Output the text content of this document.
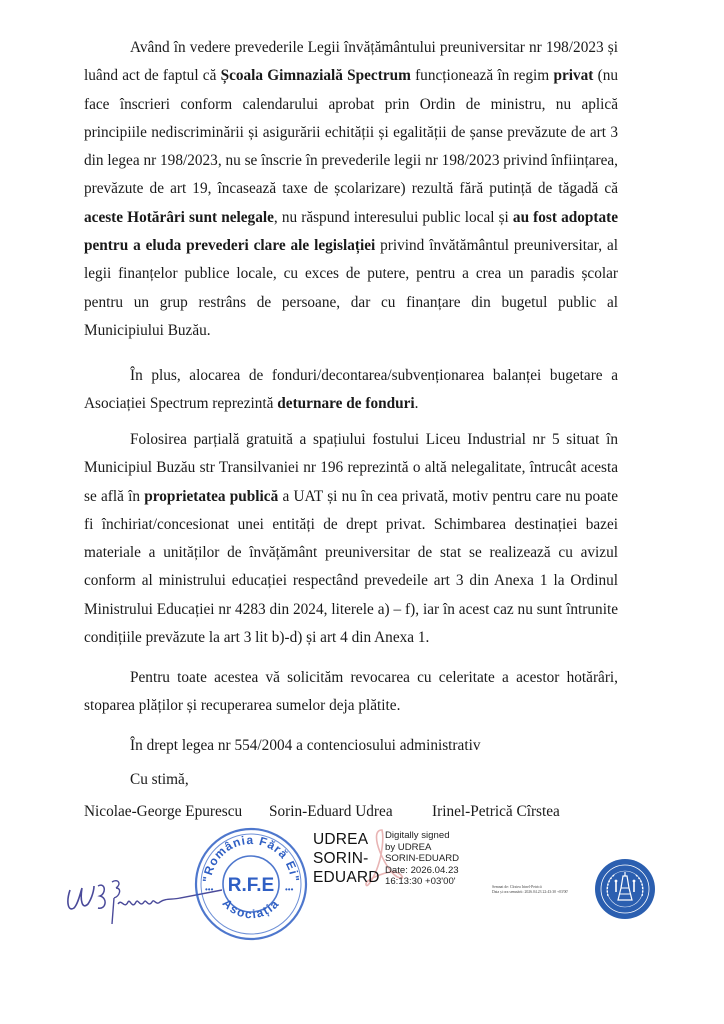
Având în vedere prevederile Legii învățământului preuniversitar nr 198/2023 și luând act de faptul că Școala Gimnazială Spectrum funcționează în regim privat (nu face înscrieri conform calendarului aprobat prin Ordin de ministru, nu aplică principiile nediscriminării și asigurării echității și egalității de șanse prevăzute de art 3 din legea nr 198/2023, nu se înscrie în prevederile legii nr 198/2023 privind înființarea, prevăzute de art 19, încasează taxe de școlarizare) rezultă fără putință de tăgadă că aceste Hotărâri sunt nelegale, nu răspund interesului public local și au fost adoptate pentru a eluda prevederi clare ale legislației privind învătământul preuniversitar, al legii finanțelor publice locale, cu exces de putere, pentru a crea un paradis școlar pentru un grup restrâns de persoane, dar cu finanțare din bugetul public al Municipiului Buzău.

În plus, alocarea de fonduri/decontarea/subvenționarea balanței bugetare a Asociației Spectrum reprezintă deturnare de fonduri.

Folosirea parțială gratuită a spațiului fostului Liceu Industrial nr 5 situat în Municipiul Buzău str Transilvaniei nr 196 reprezintă o altă nelegalitate, întrucât acesta se află în proprietatea publică a UAT și nu în cea privată, motiv pentru care nu poate fi închiriat/concesionat unei entități de drept privat. Schimbarea destinației bazei materiale a unităților de învățământ preuniversitar de stat se realizează cu avizul conform al ministrului educației respectând prevedeile art 3 din Anexa 1 la Ordinul Ministrului Educației nr 4283 din 2024, literele a) – f), iar în acest caz nu sunt întrunite condițiile prevăzute la art 3 lit b)-d) și art 4 din Anexa 1.

Pentru toate acestea vă solicităm revocarea cu celeritate a acestor hotărâri, stoparea plăților și recuperarea sumelor deja plătite.

În drept legea nr 554/2004 a contenciosului administrativ
Cu stimă,
Nicolae-George Epurescu Sorin-Eduard Udrea	Irinel-Petrică Cîrstea
"România Fără Ei"
Asociația
R.F.E
•••	•••
UDREA
SORIN-
EDUARD
Digitally signed
by UDREA
SORIN-EDUARD
Date: 2026.04.23
16:13:30 +03'00'	Semnat de: Cîrstea Irinel-Petrică
Data și ora semnării: 2026.04.23 22:43:30 +03'00'
